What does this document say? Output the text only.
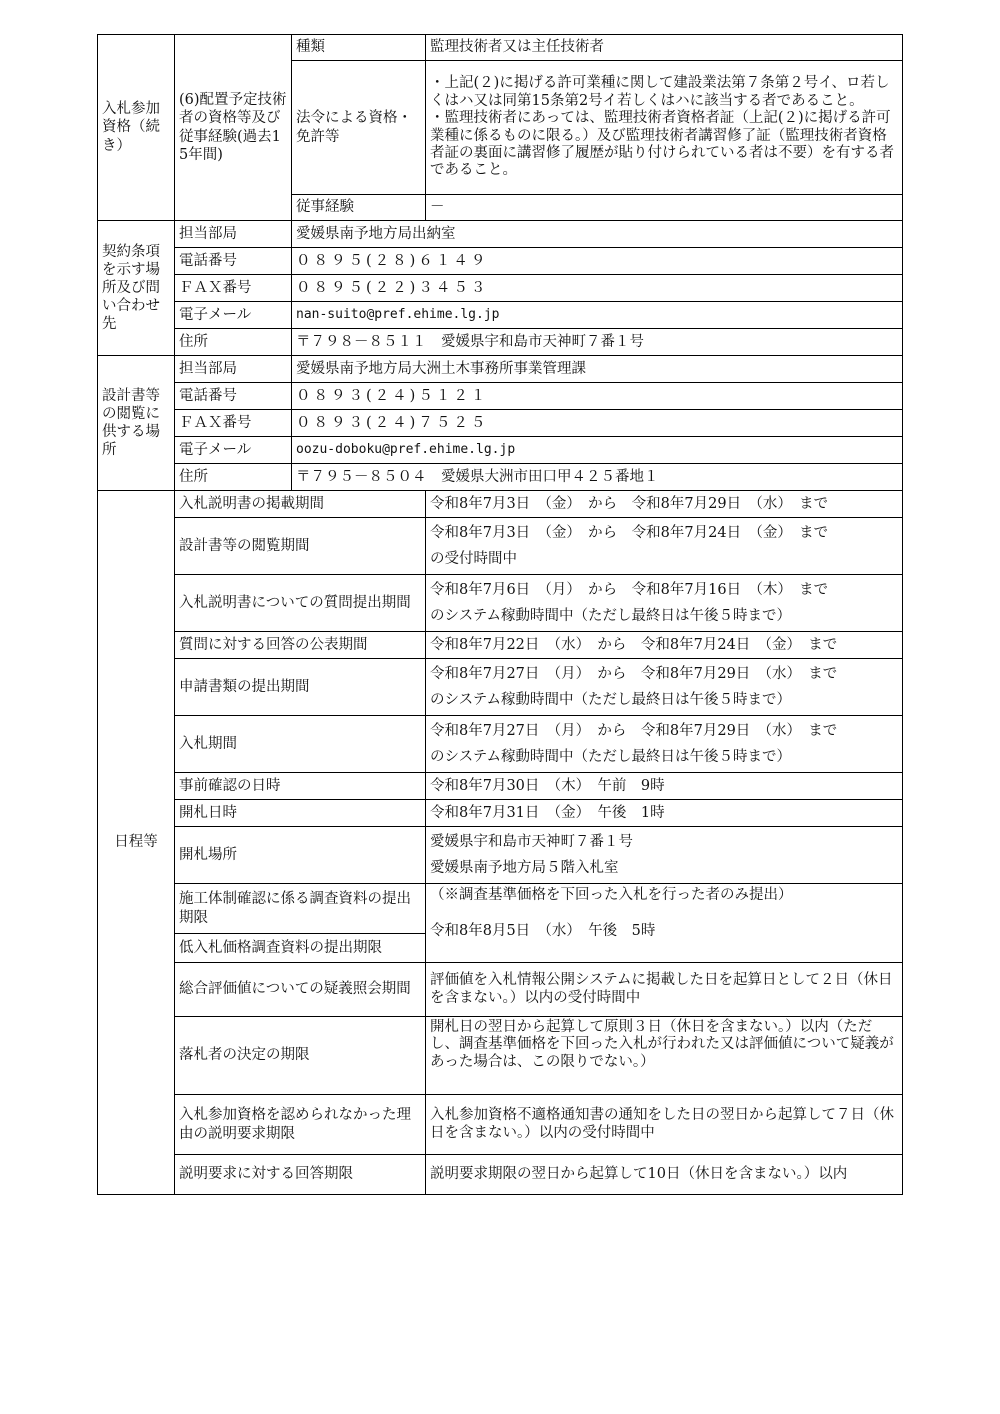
入札参加資格（続き）	(6)配置予定技術者の資格等及び従事経験(過去15年間)	種類	監理技術者又は主任技術者
		法令による資格・免許等	・上記(２)に掲げる許可業種に関して建設業法第７条第２号イ、ロ若しくはハ又は同第15条第2号イ若しくはハに該当する者であること。
・監理技術者にあっては、監理技術者資格者証（上記(２)に掲げる許可業種に係るものに限る。）及び監理技術者講習修了証（監理技術者資格者証の裏面に講習修了履歴が貼り付けられている者は不要）を有する者であること。

		従事経験	－
契約条項を示す場所及び問い合わせ先	担当部局	愛媛県南予地方局出納室	
	電話番号	０８９５(２８)６１４９	
	ＦＡＸ番号	０８９５(２２)３４５３	
	電子メール	nan-suito@pref.ehime.lg.jp	
	住所	〒７９８－８５１１　愛媛県宇和島市天神町７番１号	
設計書等の閲覧に供する場所	担当部局	愛媛県南予地方局大洲土木事務所事業管理課	
	電話番号	０８９３(２４)５１２１	
	ＦＡＸ番号	０８９３(２４)７５２５	
	電子メール	oozu-doboku@pref.ehime.lg.jp	
	住所	〒７９５－８５０４　愛媛県大洲市田口甲４２５番地１	
日程等	入札説明書の掲載期間		令和8年7月3日　（金）　から　令和8年7月29日　（水）　まで
	設計書等の閲覧期間		令和8年7月3日　（金）　から　令和8年7月24日　（金）　まで
の受付時間中

	入札説明書についての質問提出期間		令和8年7月6日　（月）　から　令和8年7月16日　（木）　まで
のシステム稼動時間中（ただし最終日は午後５時まで）

	質問に対する回答の公表期間		令和8年7月22日　（水）　から　令和8年7月24日　（金）　まで
	申請書類の提出期間		令和8年7月27日　（月）　から　令和8年7月29日　（水）　まで
のシステム稼動時間中（ただし最終日は午後５時まで）

	入札期間		令和8年7月27日　（月）　から　令和8年7月29日　（水）　まで
のシステム稼動時間中（ただし最終日は午後５時まで）

	事前確認の日時		令和8年7月30日　（木）　午前　9時
	開札日時		令和8年7月31日　（金）　午後　1時
	開札場所		愛媛県宇和島市天神町７番１号
愛媛県南予地方局５階入札室

	施工体制確認に係る調査資料の提出期限		（※調査基準価格を下回った入札を行った者のみ提出）
令和8年8月5日　（水）　午後　5時

	低入札価格調査資料の提出期限		
	総合評価値についての疑義照会期間		評価値を入札情報公開システムに掲載した日を起算日として２日（休日を含まない。）以内の受付時間中
	落札者の決定の期限		開札日の翌日から起算して原則３日（休日を含まない。）以内（ただし、調査基準価格を下回った入札が行われた又は評価値について疑義があった場合は、この限りでない。）
	入札参加資格を認められなかった理由の説明要求期限		入札参加資格不適格通知書の通知をした日の翌日から起算して７日（休日を含まない。）以内の受付時間中
	説明要求に対する回答期限		説明要求期限の翌日から起算して10日（休日を含まない。）以内
